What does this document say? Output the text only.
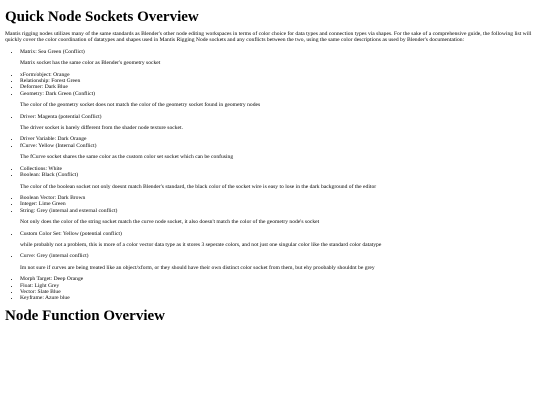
Quick Node Sockets Overview

Mantis rigging nodes utilizes many of the same standards as Blender's other node editing workspaces in terms of color choice for data types and connection types via shapes. For the sake of a comprehensive guide, the following list will quickly cover the color coordination of datatypes and shapes used in Mantis Rigging Node sockets and any conflicts between the two, using the same color descriptions as used by Blender's documentation:

• Matrix: Sea Green (Conflict)

Matrix socket has the same color as Blender's geometry socket

• xForm/object: Orange
• Relationship: Forest Green
• Deformer: Dark Blue
• Geometry: Dark Green (Conflict)

The color of the geometry socket does not match the color of the geometry socket found in geometry nodes

• Driver: Magenta (potential Conflict)

The driver socket is barely different from the shader node texture socket.

• Driver Variable: Dark Orange
• fCurve: Yellow (Internal Conflict)

The fCurve socket shares the same color as the custom color set socket which can be confusing

• Collections: White
• Boolean: Black (Conflict)

The color of the boolean socket not only doesnt match Blender's standard, the black color of the socket wire is easy to lose in the dark background of the editor

• Boolean Vector: Dark Brown
• Integer: Lime Green
• String: Grey (internal and external conflict)

Not only does the color of the string socket match the curve node socket, it also doesn't match the color of the geometry node's socket

• Custom Color Set: Yellow (potential conflict)

while probably not a problem, this is more of a color vector data type as it stores 3 seperate colors, and not just one singular color like the standard color datatype

• Curve: Grey (internal conflict)

Im not sure if curves are being treated like an object/xform, or they should have their own distinct color socket from them, but ehy proobably shouldnt be grey

• Morph Target: Deep Orange
• Float: Light Grey
• Vector: Slate Blue
• Keyframe: Azure blue
Node Function Overview
